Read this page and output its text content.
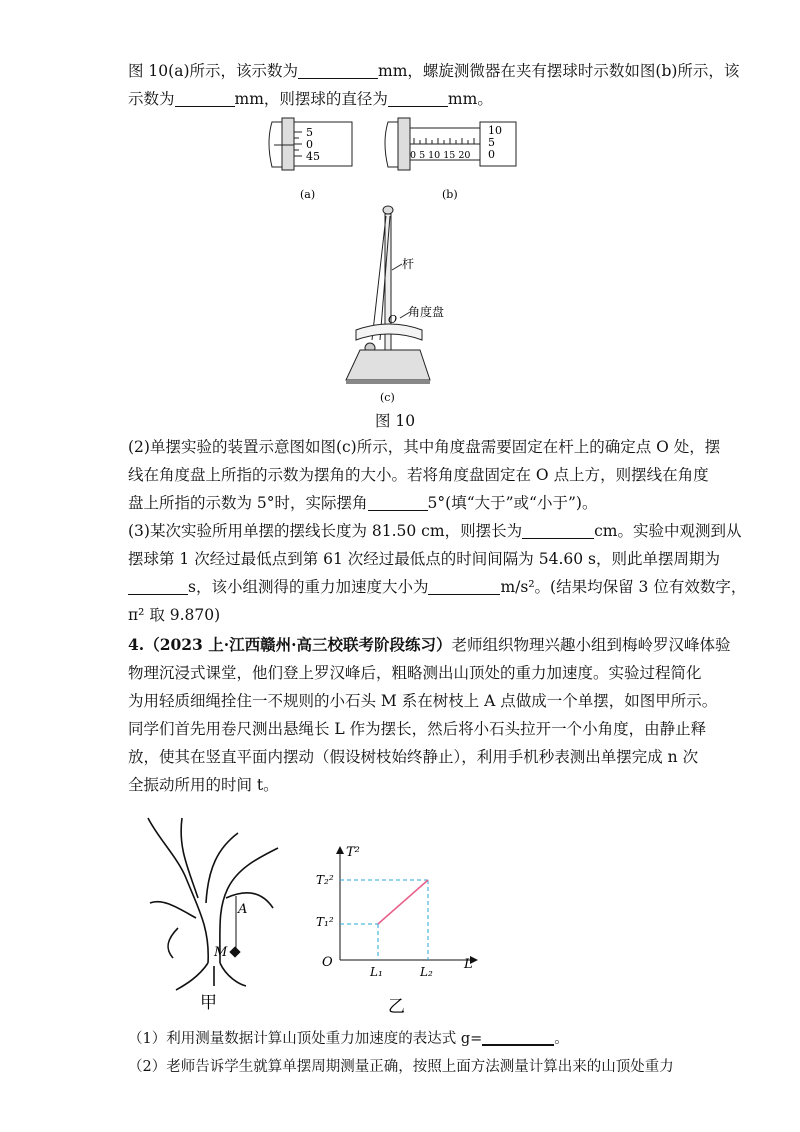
图 10(a)所示，该示数为	mm，螺旋测微器在夹有摆球时示数如图(b)所示，该
示数为	mm，则摆球的直径为	mm。
5
0
45
(a)
0 5 10 15 20
10
5
0
(b)
杆
O
角度盘
(c)
图 10
(2)单摆实验的装置示意图如图(c)所示，其中角度盘需要固定在杆上的确定点 O 处，摆
线在角度盘上所指的示数为摆角的大小。若将角度盘固定在 O 点上方，则摆线在角度
盘上所指的示数为 5°时，实际摆角	5°(填“大于”或“小于”)。
(3)某次实验所用单摆的摆线长度为 81.50 cm，则摆长为	cm。实验中观测到从
摆球第 1 次经过最低点到第 61 次经过最低点的时间间隔为 54.60 s，则此单摆周期为
s，该小组测得的重力加速度大小为	m/s²。(结果均保留 3 位有效数字，
π² 取 9.870)
4.（2023 上·江西赣州·高三校联考阶段练习）老师组织物理兴趣小组到梅岭罗汉峰体验
物理沉浸式课堂，他们登上罗汉峰后，粗略测出山顶处的重力加速度。实验过程简化
为用轻质细绳拴住一不规则的小石头 M 系在树枝上 A 点做成一个单摆，如图甲所示。
同学们首先用卷尺测出悬绳长 L 作为摆长，然后将小石头拉开一个小角度，由静止释
放，使其在竖直平面内摆动（假设树枝始终静止），利用手机秒表测出单摆完成 n 次
全振动所用的时间 t。
A
M
甲
T²
L
O
T₁²
T₂²
L₁	L₂
乙
（1）利用测量数据计算山顶处重力加速度的表达式 g=	。
（2）老师告诉学生就算单摆周期测量正确，按照上面方法测量计算出来的山顶处重力
